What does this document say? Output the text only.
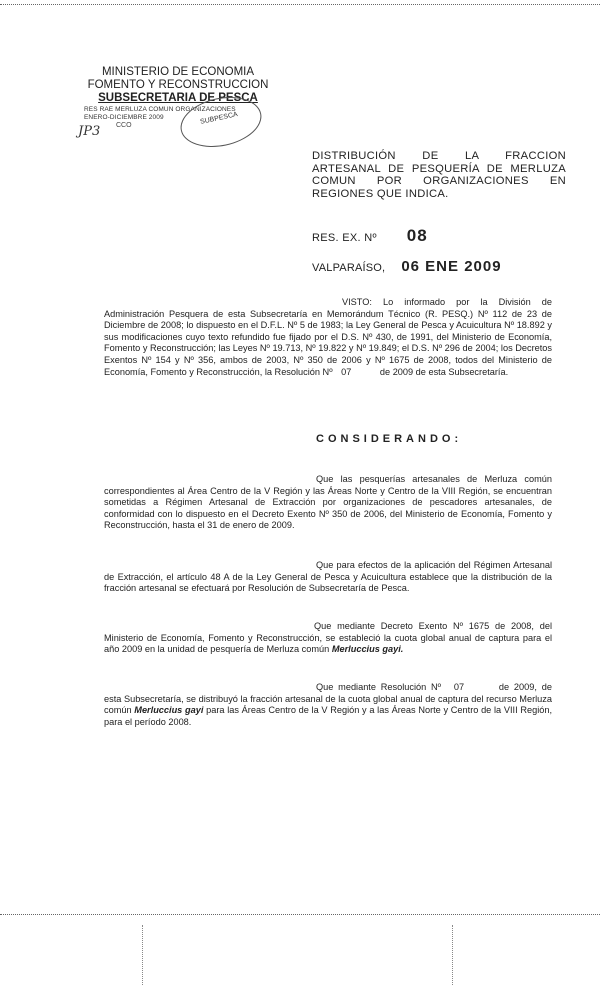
MINISTERIO DE ECONOMIA
FOMENTO Y RECONSTRUCCION
SUBSECRETARIA DE PESCA
RES RAE MERLUZA COMUN ORGANIZACIONES
ENERO-DICIEMBRE 2009	SUBPESCA
JP3 CCO
DISTRIBUCIÓN DE LA FRACCION ARTESANAL DE PESQUERÍA DE MERLUZA COMUN POR ORGANIZACIONES EN REGIONES QUE INDICA.
RES. EX. Nº 08
VALPARAÍSO, 06 ENE 2009
VISTO: Lo informado por la División de Administración Pesquera de esta Subsecretaría en Memorándum Técnico (R. PESQ.) Nº 112 de 23 de Diciembre de 2008; lo dispuesto en el D.F.L. Nº 5 de 1983; la Ley General de Pesca y Acuicultura Nº 18.892 y sus modificaciones cuyo texto refundido fue fijado por el D.S. Nº 430, de 1991, del Ministerio de Economía, Fomento y Reconstrucción; las Leyes Nº 19.713, Nº 19.822 y Nº 19.849; el D.S. Nº 296 de 2004; los Decretos Exentos Nº 154 y Nº 356, ambos de 2003, Nº 350 de 2006 y Nº 1675 de 2008, todos del Ministerio de Economía, Fomento y Reconstrucción, la Resolución Nº 07	de 2009 de esta Subsecretaría.
CONSIDERANDO:
Que las pesquerías artesanales de Merluza común correspondientes al Área Centro de la V Región y las Áreas Norte y Centro de la VIII Región, se encuentran sometidas a Régimen Artesanal de Extracción por organizaciones de pescadores artesanales, de conformidad con lo dispuesto en el Decreto Exento Nº 350 de 2006, del Ministerio de Economía, Fomento y Reconstrucción, hasta el 31 de enero de 2009.
Que para efectos de la aplicación del Régimen Artesanal de Extracción, el artículo 48 A de la Ley General de Pesca y Acuicultura establece que la distribución de la fracción artesanal se efectuará por Resolución de Subsecretaría de Pesca.
Que mediante Decreto Exento Nº 1675 de 2008, del Ministerio de Economía, Fomento y Reconstrucción, se estableció la cuota global anual de captura para el año 2009 en la unidad de pesquería de Merluza común Merluccius gayi.
Que mediante Resolución Nº 07	de 2009, de esta Subsecretaría, se distribuyó la fracción artesanal de la cuota global anual de captura del recurso Merluza común Merluccius gayi para las Áreas Centro de la V Región y a las Áreas Norte y Centro de la VIII Región, para el período 2008.
